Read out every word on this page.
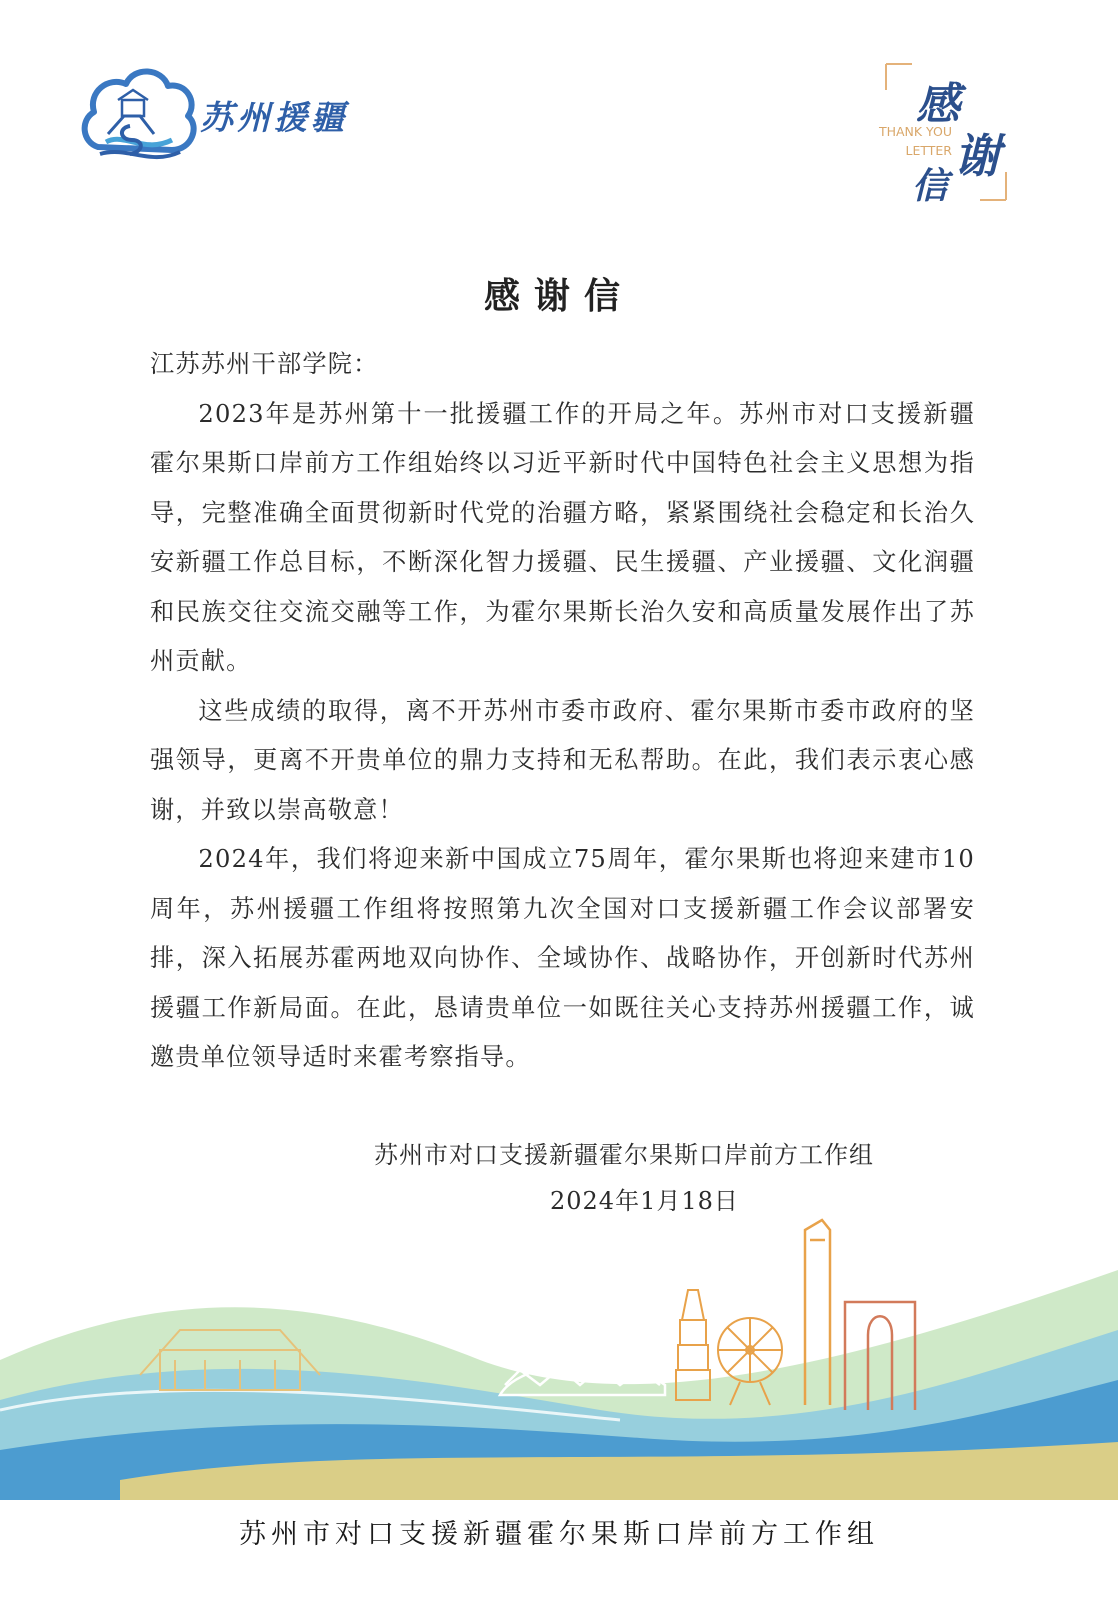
苏州援疆	THANK YOU
LETTER
感
谢
信
感谢信

江苏苏州干部学院：

2023年是苏州第十一批援疆工作的开局之年。苏州市对口支援新疆霍尔果斯口岸前方工作组始终以习近平新时代中国特色社会主义思想为指导，完整准确全面贯彻新时代党的治疆方略，紧紧围绕社会稳定和长治久安新疆工作总目标，不断深化智力援疆、民生援疆、产业援疆、文化润疆和民族交往交流交融等工作，为霍尔果斯长治久安和高质量发展作出了苏州贡献。

这些成绩的取得，离不开苏州市委市政府、霍尔果斯市委市政府的坚强领导，更离不开贵单位的鼎力支持和无私帮助。在此，我们表示衷心感谢，并致以崇高敬意！

2024年，我们将迎来新中国成立75周年，霍尔果斯也将迎来建市10周年，苏州援疆工作组将按照第九次全国对口支援新疆工作会议部署安排，深入拓展苏霍两地双向协作、全域协作、战略协作，开创新时代苏州援疆工作新局面。在此，恳请贵单位一如既往关心支持苏州援疆工作，诚邀贵单位领导适时来霍考察指导。

苏州市对口支援新疆霍尔果斯口岸前方工作组
2024年1月18日
苏州市对口支援新疆霍尔果斯口岸前方工作组
